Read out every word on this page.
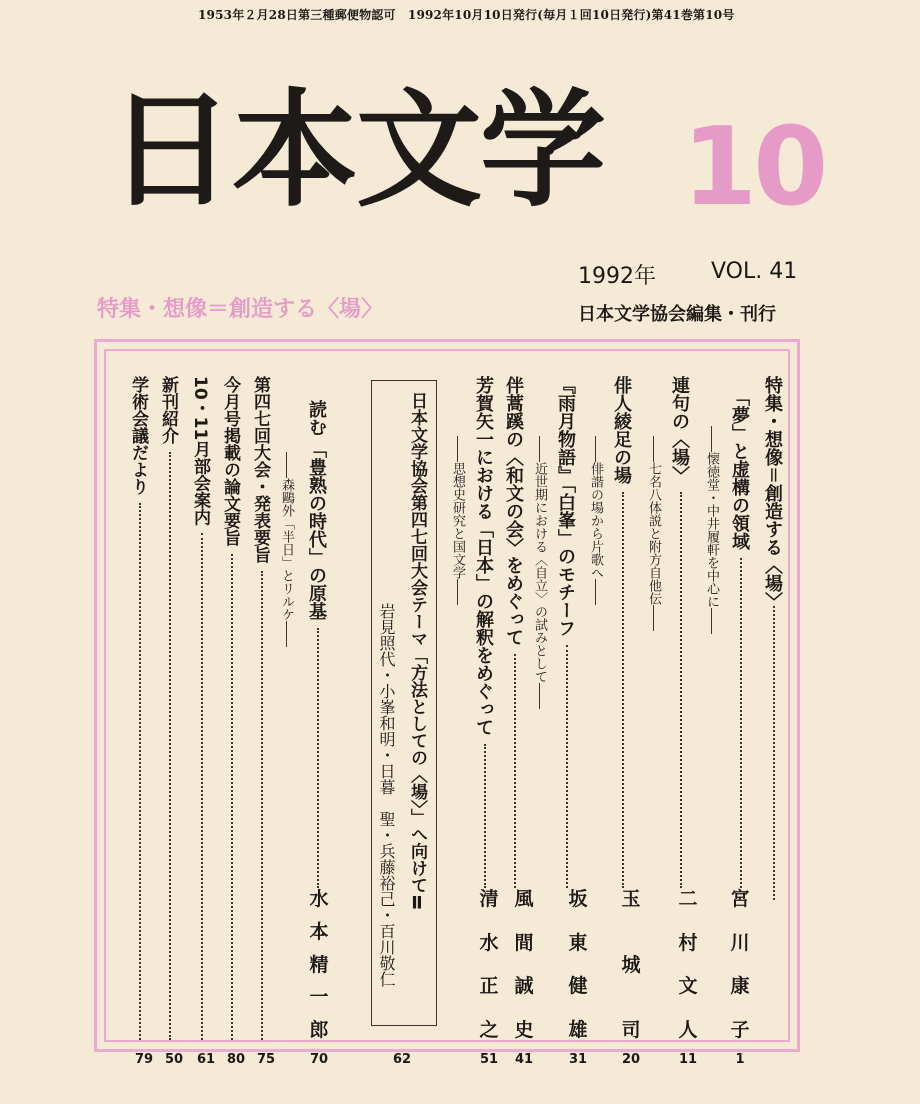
1953年２月28日第三種郵便物認可　1992年10月10日発行(毎月１回10日発行)第41巻第10号
日本文学 10
1992年	VOL. 41
特集・想像＝創造する〈場〉	日本文学協会編集・刊行
特集・想像＝創造する〈場〉
「夢」と虚構の領域
――懐徳堂・中井履軒を中心に――
宮
川
康
子
1
連句の〈場〉
――七名八体説と附方自他伝――
二
村
文
人
11
俳人綾足の場
――俳諧の場から片歌へ――
玉
城
司
20
『雨月物語』「白峯」のモチーフ
――近世期における〈自立〉の試みとして――
坂
東
健
雄
31
伴蒿蹊の〈和文の会〉をめぐって
風
間
誠
史
41
芳賀矢一における「日本」の解釈をめぐって
――思想史研究と国文学――
清
水
正
之
51
日本文学協会第四七回大会テーマ「方法としての〈場〉」へ向けてⅡ
岩見照代・小峯和明・日暮　聖・兵藤裕己・百川敬仁
62
読む
「豊熟の時代」の原基
――森鷗外「半日」とリルケ――
水
本
精
一
郎
70
第四七回大会・発表要旨
75
今月号掲載の論文要旨
80
10・11月部会案内
61
新刊紹介
50
学術会議だより
79
